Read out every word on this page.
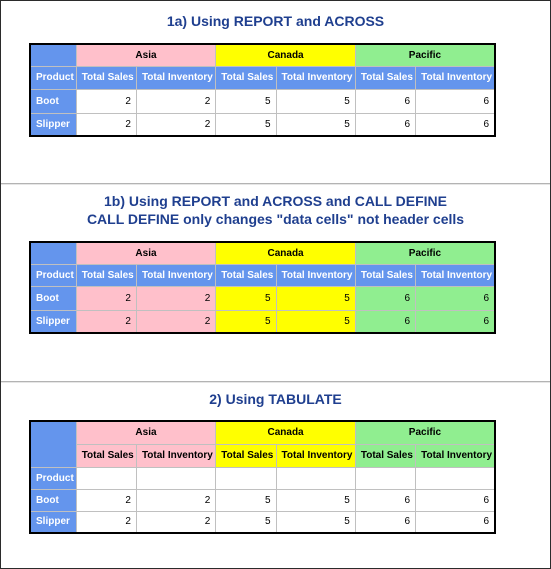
1a) Using REPORT and ACROSS
	Asia		Canada		Pacific	
Product	Total Sales	Total Inventory	Total Sales	Total Inventory	Total Sales	Total Inventory
Boot	2	2	5	5	6	6
Slipper	2	2	5	5	6	6
1b) Using REPORT and ACROSS and CALL DEFINE
CALL DEFINE only changes "data cells" not header cells
	Asia		Canada		Pacific	
Product	Total Sales	Total Inventory	Total Sales	Total Inventory	Total Sales	Total Inventory
Boot	2	2	5	5	6	6
Slipper	2	2	5	5	6	6
2) Using TABULATE
	Asia		Canada		Pacific	
	Total Sales	Total Inventory	Total Sales	Total Inventory	Total Sales	Total Inventory
Product						
Boot	2	2	5	5	6	6
Slipper	2	2	5	5	6	6
